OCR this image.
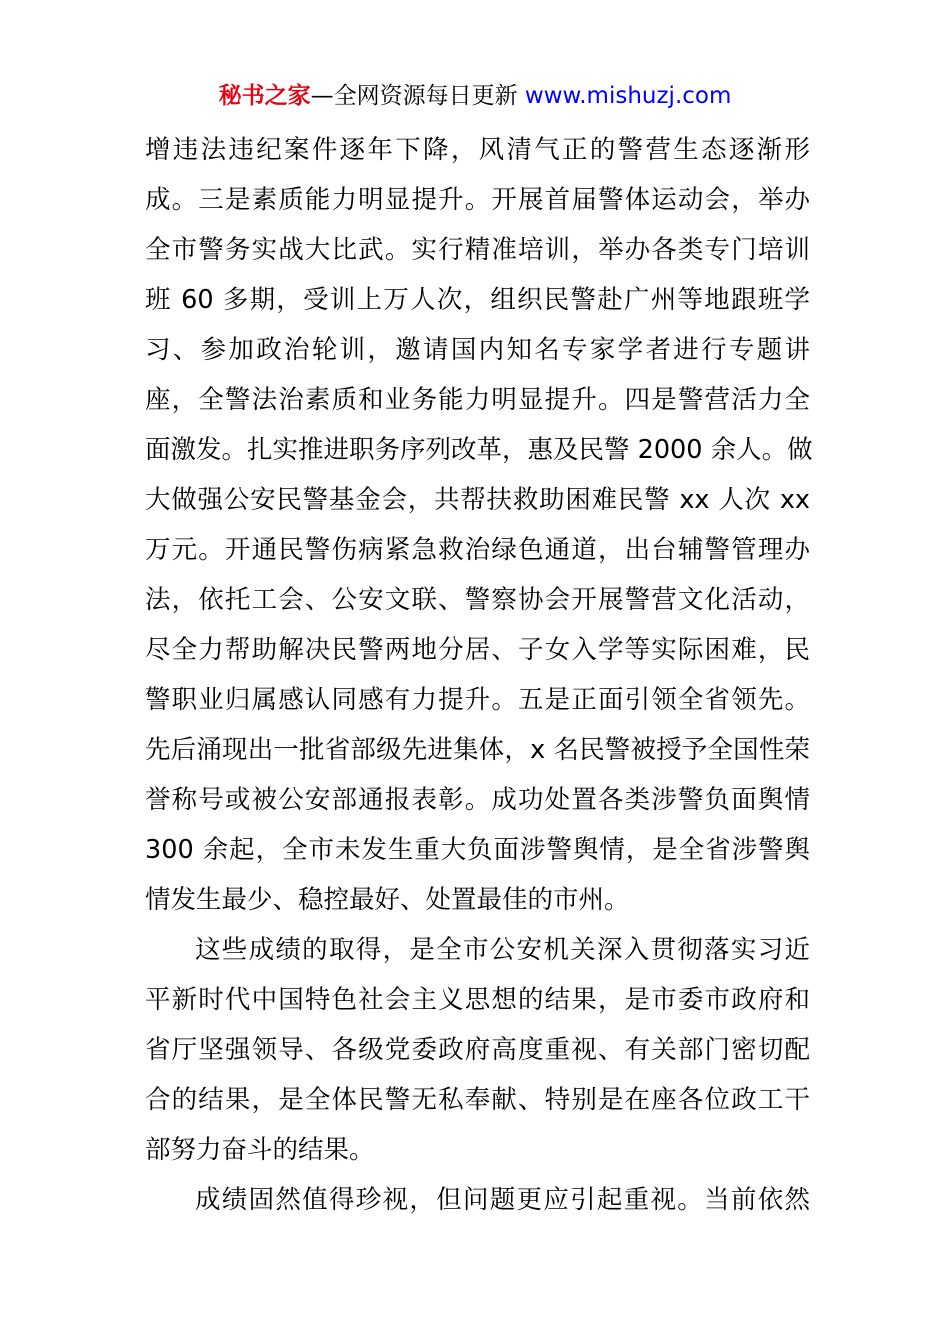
秘书之家—全网资源每日更新 www.mishuzj.com
增违法违纪案件逐年下降，风清气正的警营生态逐渐形
成。三是素质能力明显提升。开展首届警体运动会，举办
全市警务实战大比武。实行精准培训，举办各类专门培训
班 60 多期，受训上万人次，组织民警赴广州等地跟班学
习、参加政治轮训，邀请国内知名专家学者进行专题讲
座，全警法治素质和业务能力明显提升。四是警营活力全
面激发。扎实推进职务序列改革，惠及民警 2000 余人。做
大做强公安民警基金会，共帮扶救助困难民警 xx 人次 xx
万元。开通民警伤病紧急救治绿色通道，出台辅警管理办
法，依托工会、公安文联、警察协会开展警营文化活动，
尽全力帮助解决民警两地分居、子女入学等实际困难，民
警职业归属感认同感有力提升。五是正面引领全省领先。
先后涌现出一批省部级先进集体，x 名民警被授予全国性荣
誉称号或被公安部通报表彰。成功处置各类涉警负面舆情
300 余起，全市未发生重大负面涉警舆情，是全省涉警舆
情发生最少、稳控最好、处置最佳的市州。
这些成绩的取得，是全市公安机关深入贯彻落实习近
平新时代中国特色社会主义思想的结果，是市委市政府和
省厅坚强领导、各级党委政府高度重视、有关部门密切配
合的结果，是全体民警无私奉献、特别是在座各位政工干
部努力奋斗的结果。
成绩固然值得珍视，但问题更应引起重视。当前依然
